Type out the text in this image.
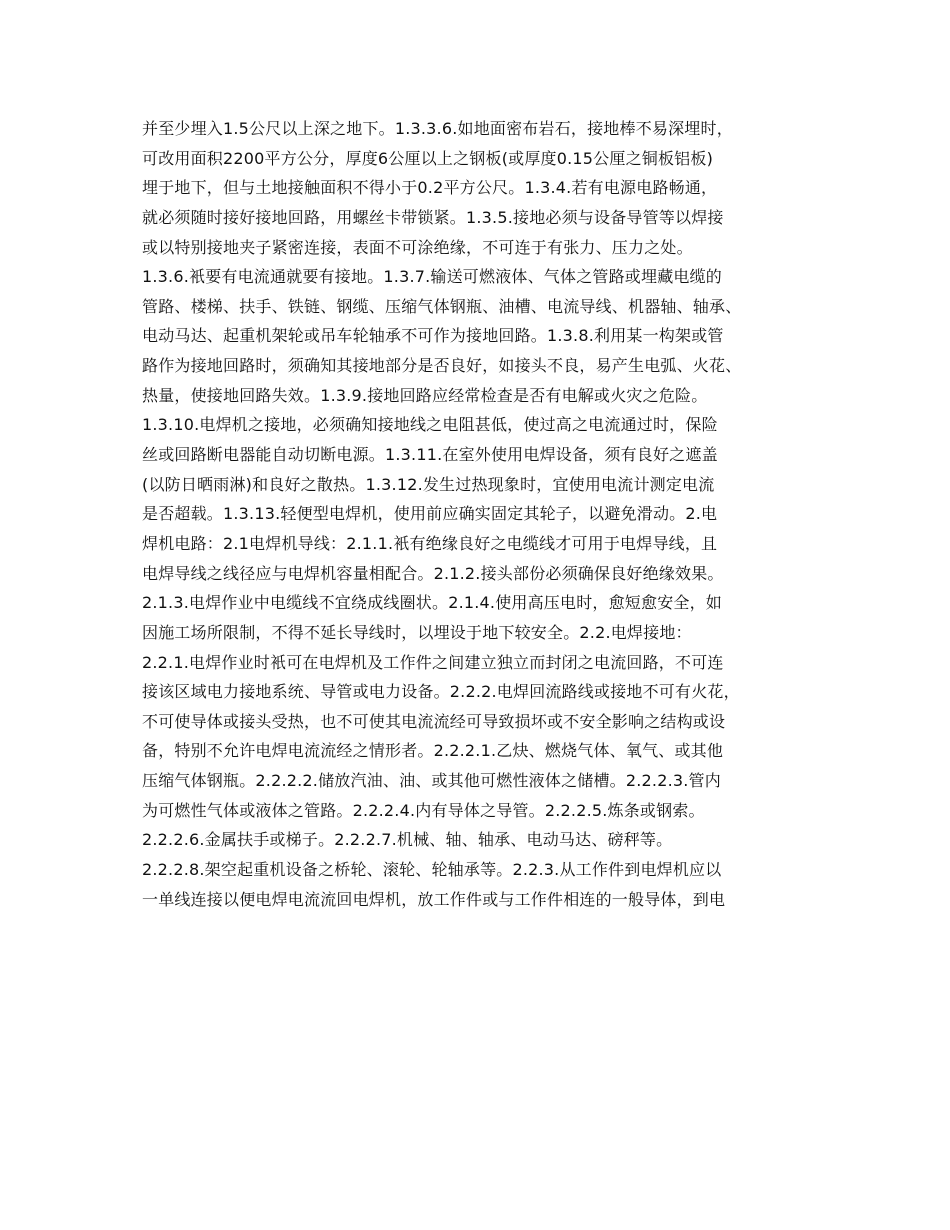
并至少埋入1.5公尺以上深之地下。1.3.3.6.如地面密布岩石，接地棒不易深埋时，
可改用面积2200平方公分，厚度6公厘以上之钢板(或厚度0.15公厘之铜板铝板)
埋于地下，但与土地接触面积不得小于0.2平方公尺。1.3.4.若有电源电路畅通，
就必须随时接好接地回路，用螺丝卡带锁紧。1.3.5.接地必须与设备导管等以焊接
或以特别接地夹子紧密连接，表面不可涂绝缘，不可连于有张力、压力之处。
1.3.6.衹要有电流通就要有接地。1.3.7.输送可燃液体、气体之管路或埋藏电缆的
管路、楼梯、扶手、铁链、钢缆、压缩气体钢瓶、油槽、电流导线、机器轴、轴承、
电动马达、起重机架轮或吊车轮轴承不可作为接地回路。1.3.8.利用某一构架或管
路作为接地回路时，须确知其接地部分是否良好，如接头不良，易产生电弧、火花、
热量，使接地回路失效。1.3.9.接地回路应经常检查是否有电解或火灾之危险。
1.3.10.电焊机之接地，必须确知接地线之电阻甚低，使过高之电流通过时，保险
丝或回路断电器能自动切断电源。1.3.11.在室外使用电焊设备，须有良好之遮盖
(以防日晒雨淋)和良好之散热。1.3.12.发生过热现象时，宜使用电流计测定电流
是否超载。1.3.13.轻便型电焊机，使用前应确实固定其轮子，以避免滑动。2.电
焊机电路：2.1电焊机导线：2.1.1.衹有绝缘良好之电缆线才可用于电焊导线，且
电焊导线之线径应与电焊机容量相配合。2.1.2.接头部份必须确保良好绝缘效果。
2.1.3.电焊作业中电缆线不宜绕成线圈状。2.1.4.使用高压电时，愈短愈安全，如
因施工场所限制，不得不延长导线时，以埋设于地下较安全。2.2.电焊接地：
2.2.1.电焊作业时衹可在电焊机及工作件之间建立独立而封闭之电流回路，不可连
接该区域电力接地系统、导管或电力设备。2.2.2.电焊回流路线或接地不可有火花，
不可使导体或接头受热，也不可使其电流流经可导致损坏或不安全影响之结构或设
备，特别不允许电焊电流流经之情形者。2.2.2.1.乙炔、燃烧气体、氧气、或其他
压缩气体钢瓶。2.2.2.2.储放汽油、油、或其他可燃性液体之储槽。2.2.2.3.管内
为可燃性气体或液体之管路。2.2.2.4.内有导体之导管。2.2.2.5.炼条或钢索。
2.2.2.6.金属扶手或梯子。2.2.2.7.机械、轴、轴承、电动马达、磅秤等。
2.2.2.8.架空起重机设备之桥轮、滚轮、轮轴承等。2.2.3.从工作件到电焊机应以
一单线连接以便电焊电流流回电焊机，放工作件或与工作件相连的一般导体，到电
